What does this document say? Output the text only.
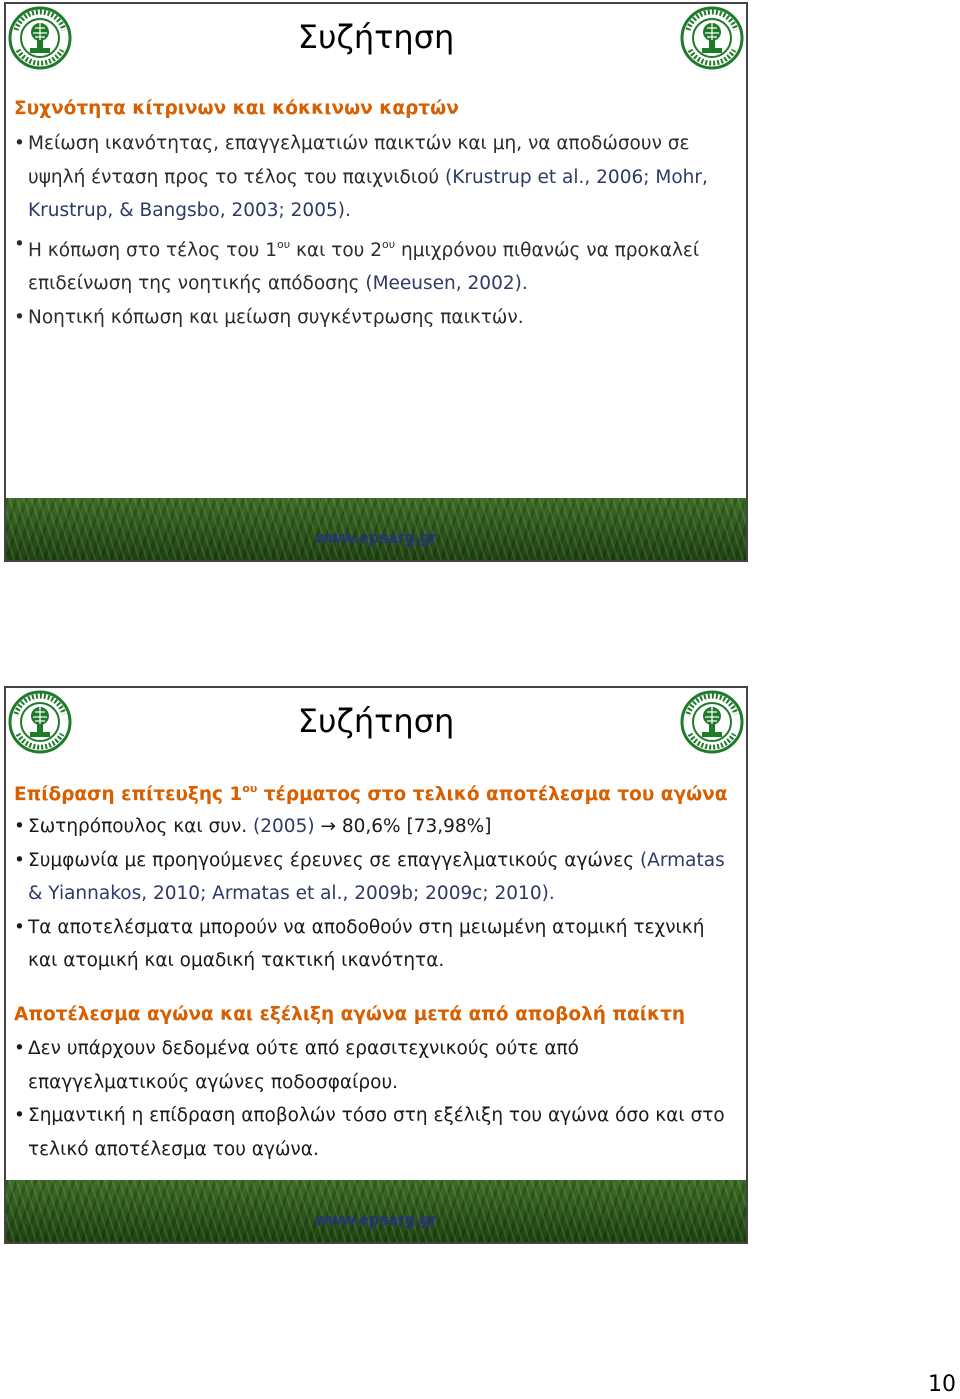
Συζήτηση
Συχνότητα κίτρινων και κόκκινων καρτών
• Μείωση ικανότητας, επαγγελματιών παικτών και μη, να αποδώσουν σε υψηλή ένταση προς το τέλος του παιχνιδιού (Krustrup et al., 2006; Mohr, Krustrup, & Bangsbo, 2003; 2005).
• Η κόπωση στο τέλος του $1^{o\upsilon}$ και του $2^{o\upsilon}$ ημιχρόνου πιθανώς να προκαλεί επιδείνωση της νοητικής απόδοσης (Meeusen, 2002).
• Νοητική κόπωση και μείωση συγκέντρωσης παικτών.
www.epsarg.gr
Συζήτηση
Επίδραση επίτευξης $1^{o\upsilon}$ τέρματος στο τελικό αποτέλεσμα του αγώνα
• Σωτηρόπουλος και συν. (2005) → 80,6% [73,98%]
• Συμφωνία με προηγούμενες έρευνες σε επαγγελματικούς αγώνες (Armatas & Yiannakos, 2010; Armatas et al., 2009b; 2009c; 2010).
• Τα αποτελέσματα μπορούν να αποδοθούν στη μειωμένη ατομική τεχνική και ατομική και ομαδική τακτική ικανότητα.
Αποτέλεσμα αγώνα και εξέλιξη αγώνα μετά από αποβολή παίκτη
• Δεν υπάρχουν δεδομένα ούτε από ερασιτεχνικούς ούτε από επαγγελματικούς αγώνες ποδοσφαίρου.
• Σημαντική η επίδραση αποβολών τόσο στη εξέλιξη του αγώνα όσο και στο τελικό αποτέλεσμα του αγώνα.
www.epsarg.gr
10
